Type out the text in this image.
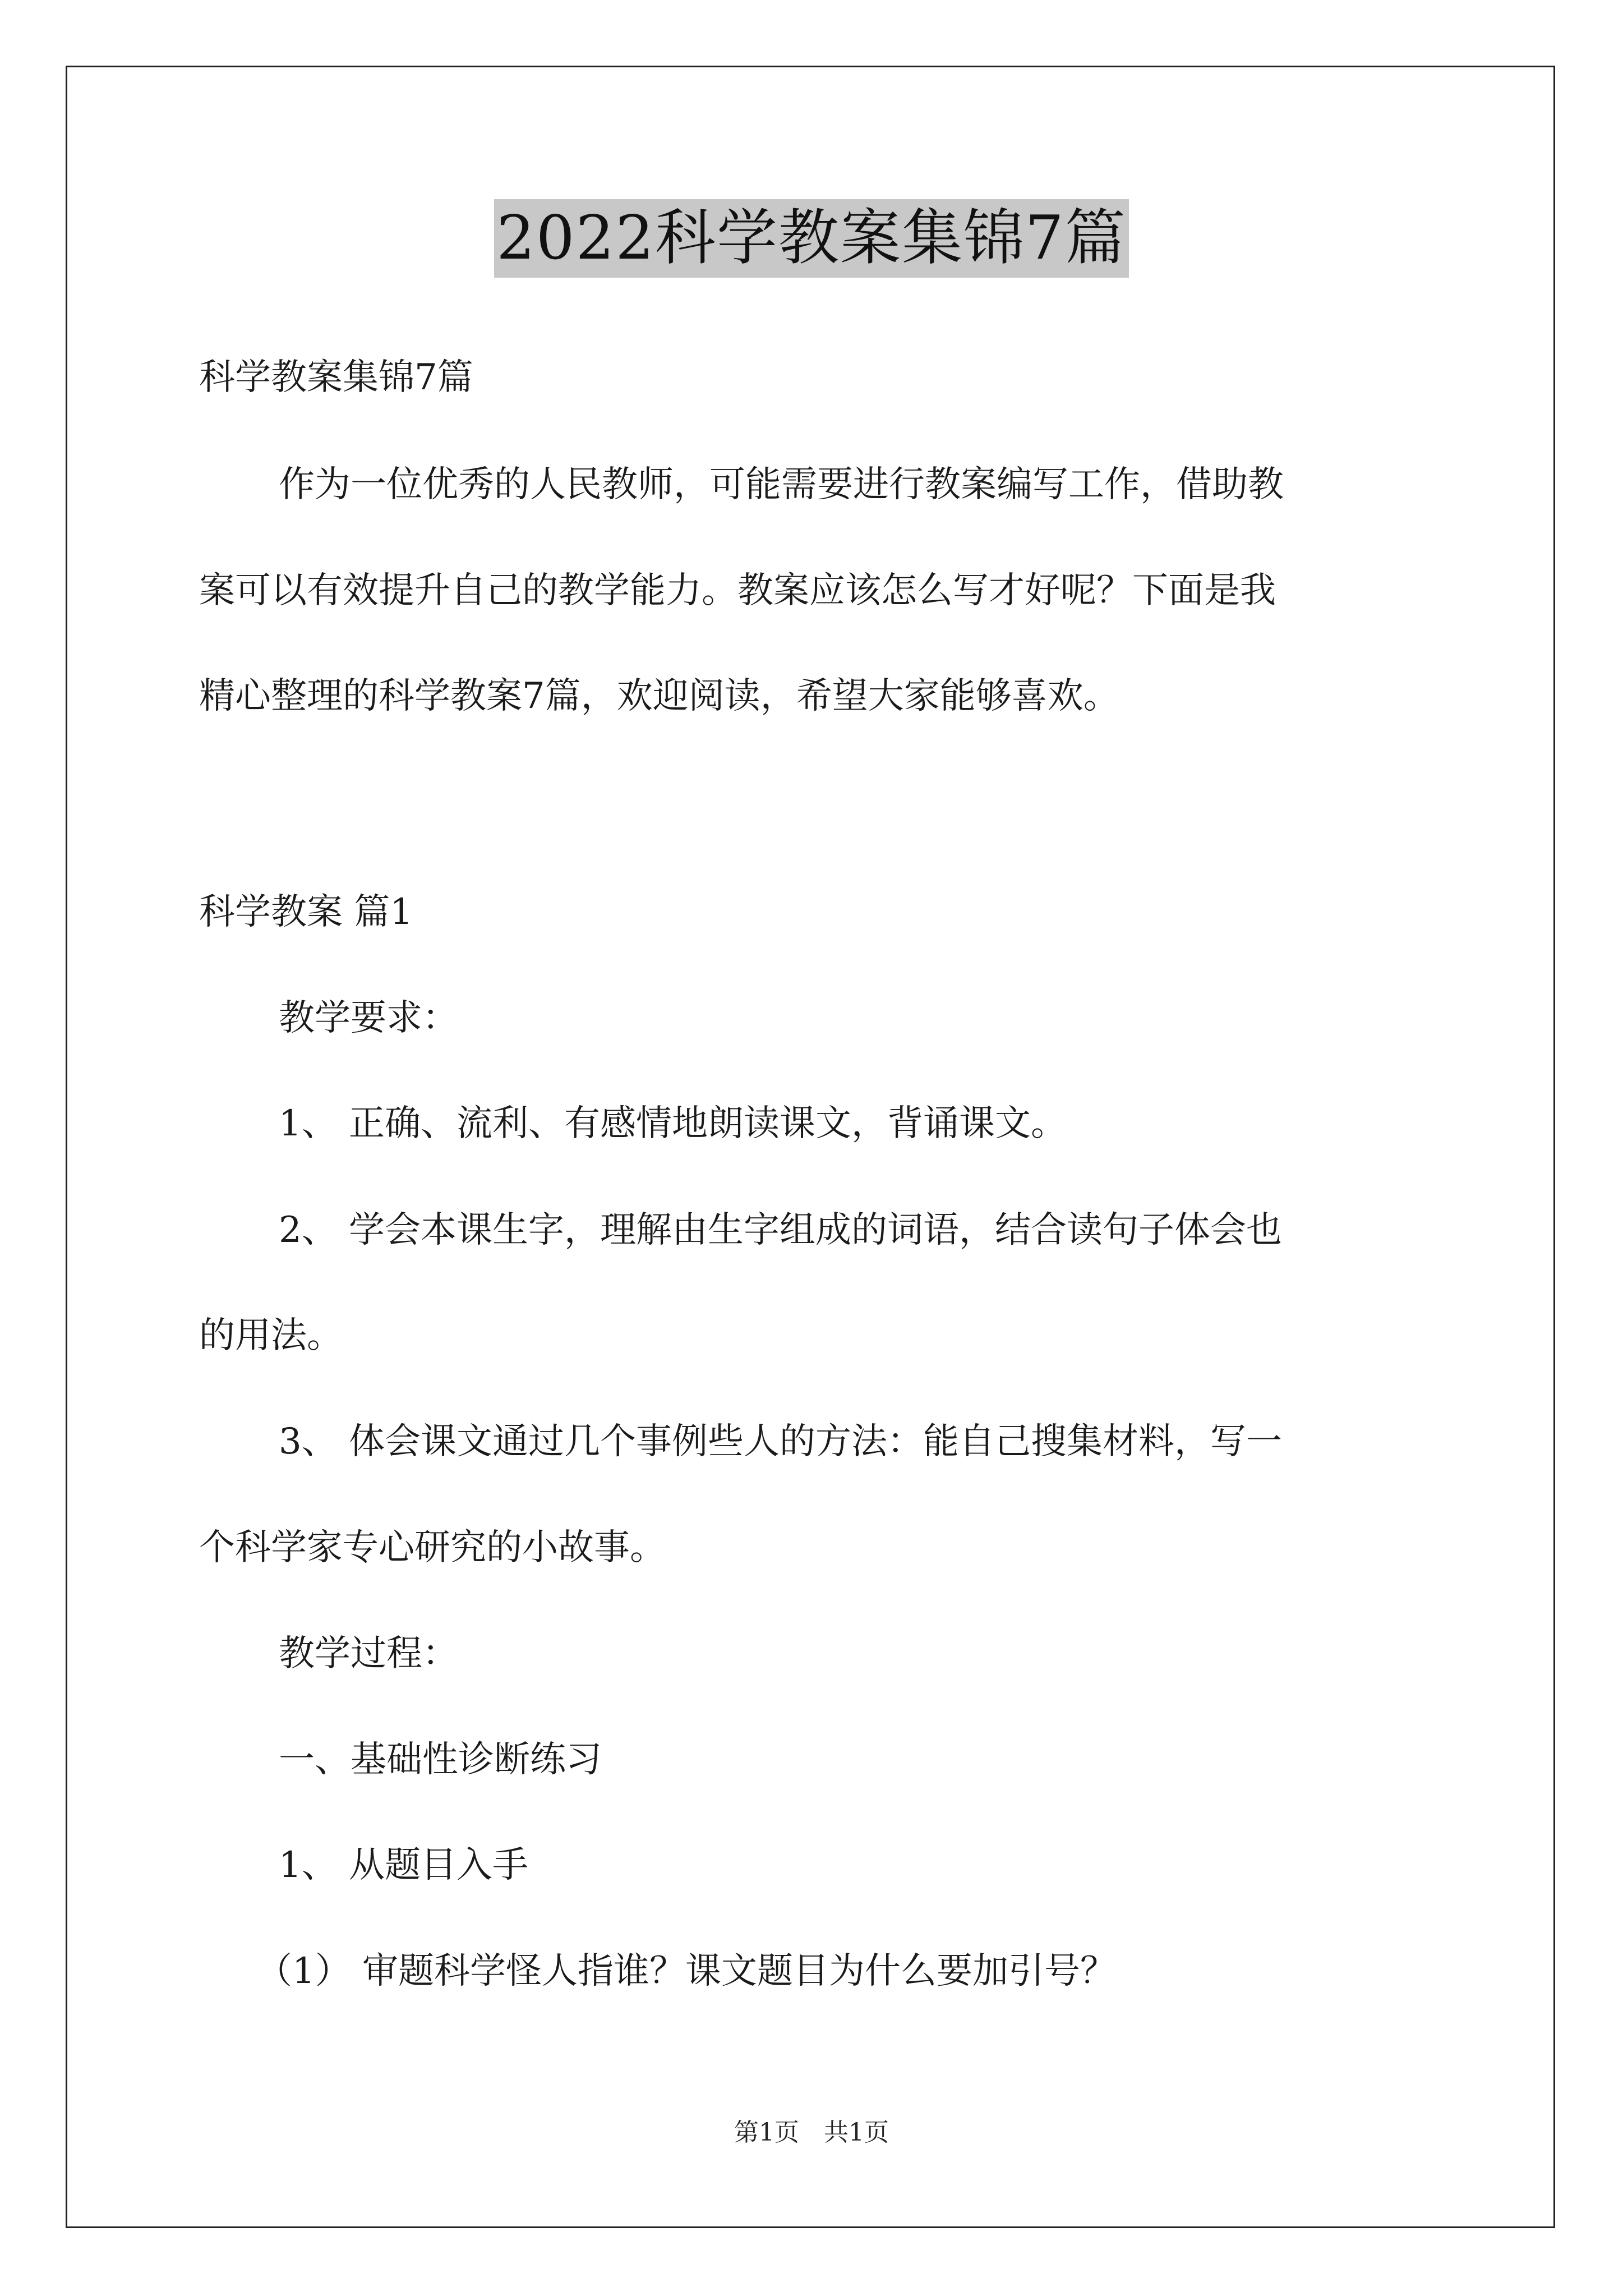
2022科学教案集锦7篇
科学教案集锦7篇
作为一位优秀的人民教师，可能需要进行教案编写工作，借助教
案可以有效提升自己的教学能力。教案应该怎么写才好呢？下面是我
精心整理的科学教案7篇，欢迎阅读，希望大家能够喜欢。
科学教案 篇1
教学要求：
1、 正确、流利、有感情地朗读课文，背诵课文。
2、 学会本课生字，理解由生字组成的词语，结合读句子体会也
的用法。
3、 体会课文通过几个事例些人的方法：能自己搜集材料，写一
个科学家专心研究的小故事。
教学过程：
一、基础性诊断练习
1、 从题目入手
（1） 审题科学怪人指谁？课文题目为什么要加引号？
第1页　共1页
